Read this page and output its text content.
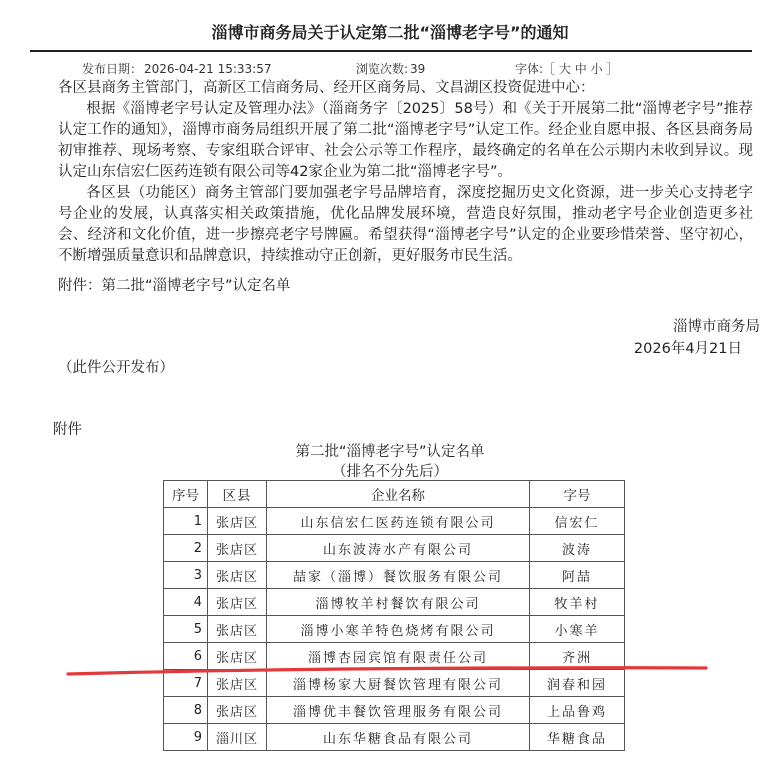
淄博市商务局关于认定第二批“淄博老字号”的通知
发布日期： 2026-04-21 15:33:57	浏览次数: 39	字体:［ 大 中 小 ］

各区县商务主管部门，高新区工信商务局、经开区商务局、文昌湖区投资促进中心：

根据《淄博老字号认定及管理办法》（淄商务字〔2025〕58号）和《关于开展第二批“淄博老字号”推荐认定工作的通知》，淄博市商务局组织开展了第二批“淄博老字号”认定工作。经企业自愿申报、各区县商务局初审推荐、现场考察、专家组联合评审、社会公示等工作程序，最终确定的名单在公示期内未收到异议。现认定山东信宏仁医药连锁有限公司等42家企业为第二批“淄博老字号”。

各区县（功能区）商务主管部门要加强老字号品牌培育，深度挖掘历史文化资源，进一步关心支持老字号企业的发展，认真落实相关政策措施，优化品牌发展环境，营造良好氛围，推动老字号企业创造更多社会、经济和文化价值，进一步擦亮老字号牌匾。希望获得“淄博老字号”认定的企业要珍惜荣誉、坚守初心，不断增强质量意识和品牌意识，持续推动守正创新，更好服务市民生活。

附件：第二批“淄博老字号”认定名单
淄博市商务局
2026年4月21日
（此件公开发布）
附件
第二批“淄博老字号”认定名单
（排名不分先后）
序号	区县	企业名称	字号
1	张店区	山东信宏仁医药连锁有限公司	信宏仁
2	张店区	山东波涛水产有限公司	波涛
3	张店区	喆家（淄博）餐饮服务有限公司	阿喆
4	张店区	淄博牧羊村餐饮有限公司	牧羊村
5	张店区	淄博小寒羊特色烧烤有限公司	小寒羊
6	张店区	淄博杏园宾馆有限责任公司	齐洲
7	张店区	淄博杨家大厨餐饮管理有限公司	润春和园
8	张店区	淄博优丰餐饮管理服务有限公司	上品鲁鸡
9	淄川区	山东华糖食品有限公司	华糖食品
